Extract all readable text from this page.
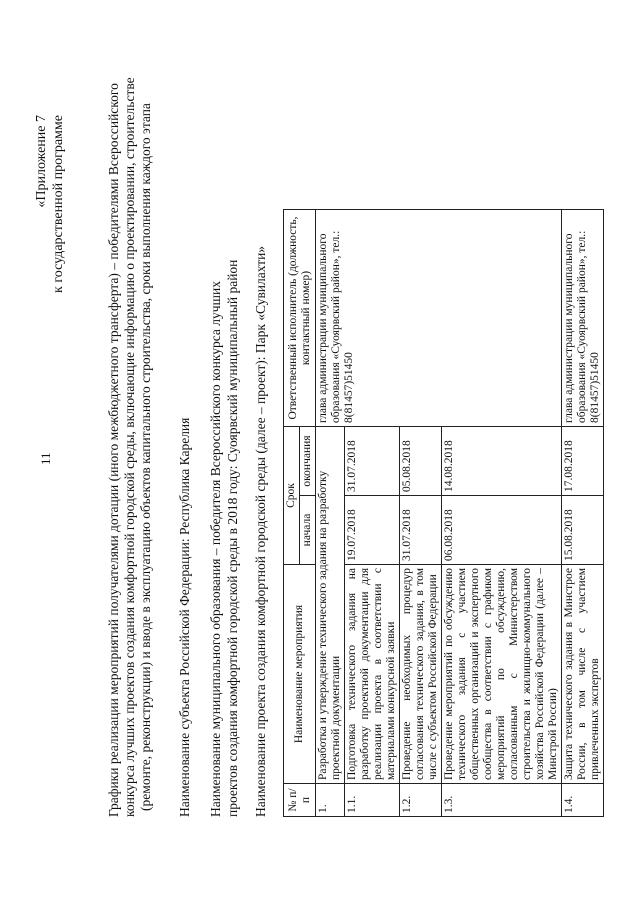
11
«Приложение 7 к государственной программе	Графики реализации мероприятий получателями дотации (иного межбюджетного трансферта) – победителями Всероссийского конкурса лучших проектов создания комфортной городской среды, включающие информацию о проектировании, строительстве (ремонте, реконструкции) и вводе в эксплуатацию объектов капитального строительства, сроки выполнения каждого этапа Наименование субъекта Российской Федерации: Республика Карелия Наименование муниципального образования – победителя Всероссийского конкурса лучших проектов создания комфортной городской среды в 2018 году: Суоярвский муниципальный район Наименование проекта создания комфортной городской среды (далее – проект): Парк «Сувилахти» № п/п	Наименование мероприятия	Срок		Ответственный исполнитель (должность, контактный номер)
		начала	окончания	
1.	Разработка и утверждение технического задания на разработку проектной документации			глава администрации муниципального образования «Суоярвский район», тел.: 8(81457)51450
1.1.	Подготовка технического задания на разработку проектной документации для реализации проекта в соответствии с материалами конкурсной заявки	19.07.2018	31.07.2018	
1.2.	Проведение необходимых процедур согласования технического задания, в том числе с субъектом Российской Федерации	31.07.2018	05.08.2018	
1.3.	Проведение мероприятий по обсуждению технического задания с участием общественных организаций и экспертного сообщества в соответствии с графиком мероприятий по обсуждению, согласованным с Министерством строительства и жилищно-коммунального хозяйства Российской Федерации (далее – Минстрой России)	06.08.2018	14.08.2018	
1.4.	Защита технического задания в Минстрое России, в том числе с участием привлеченных экспертов	15.08.2018	17.08.2018	глава администрации муниципального образования «Суоярвский район», тел.: 8(81457)51450
